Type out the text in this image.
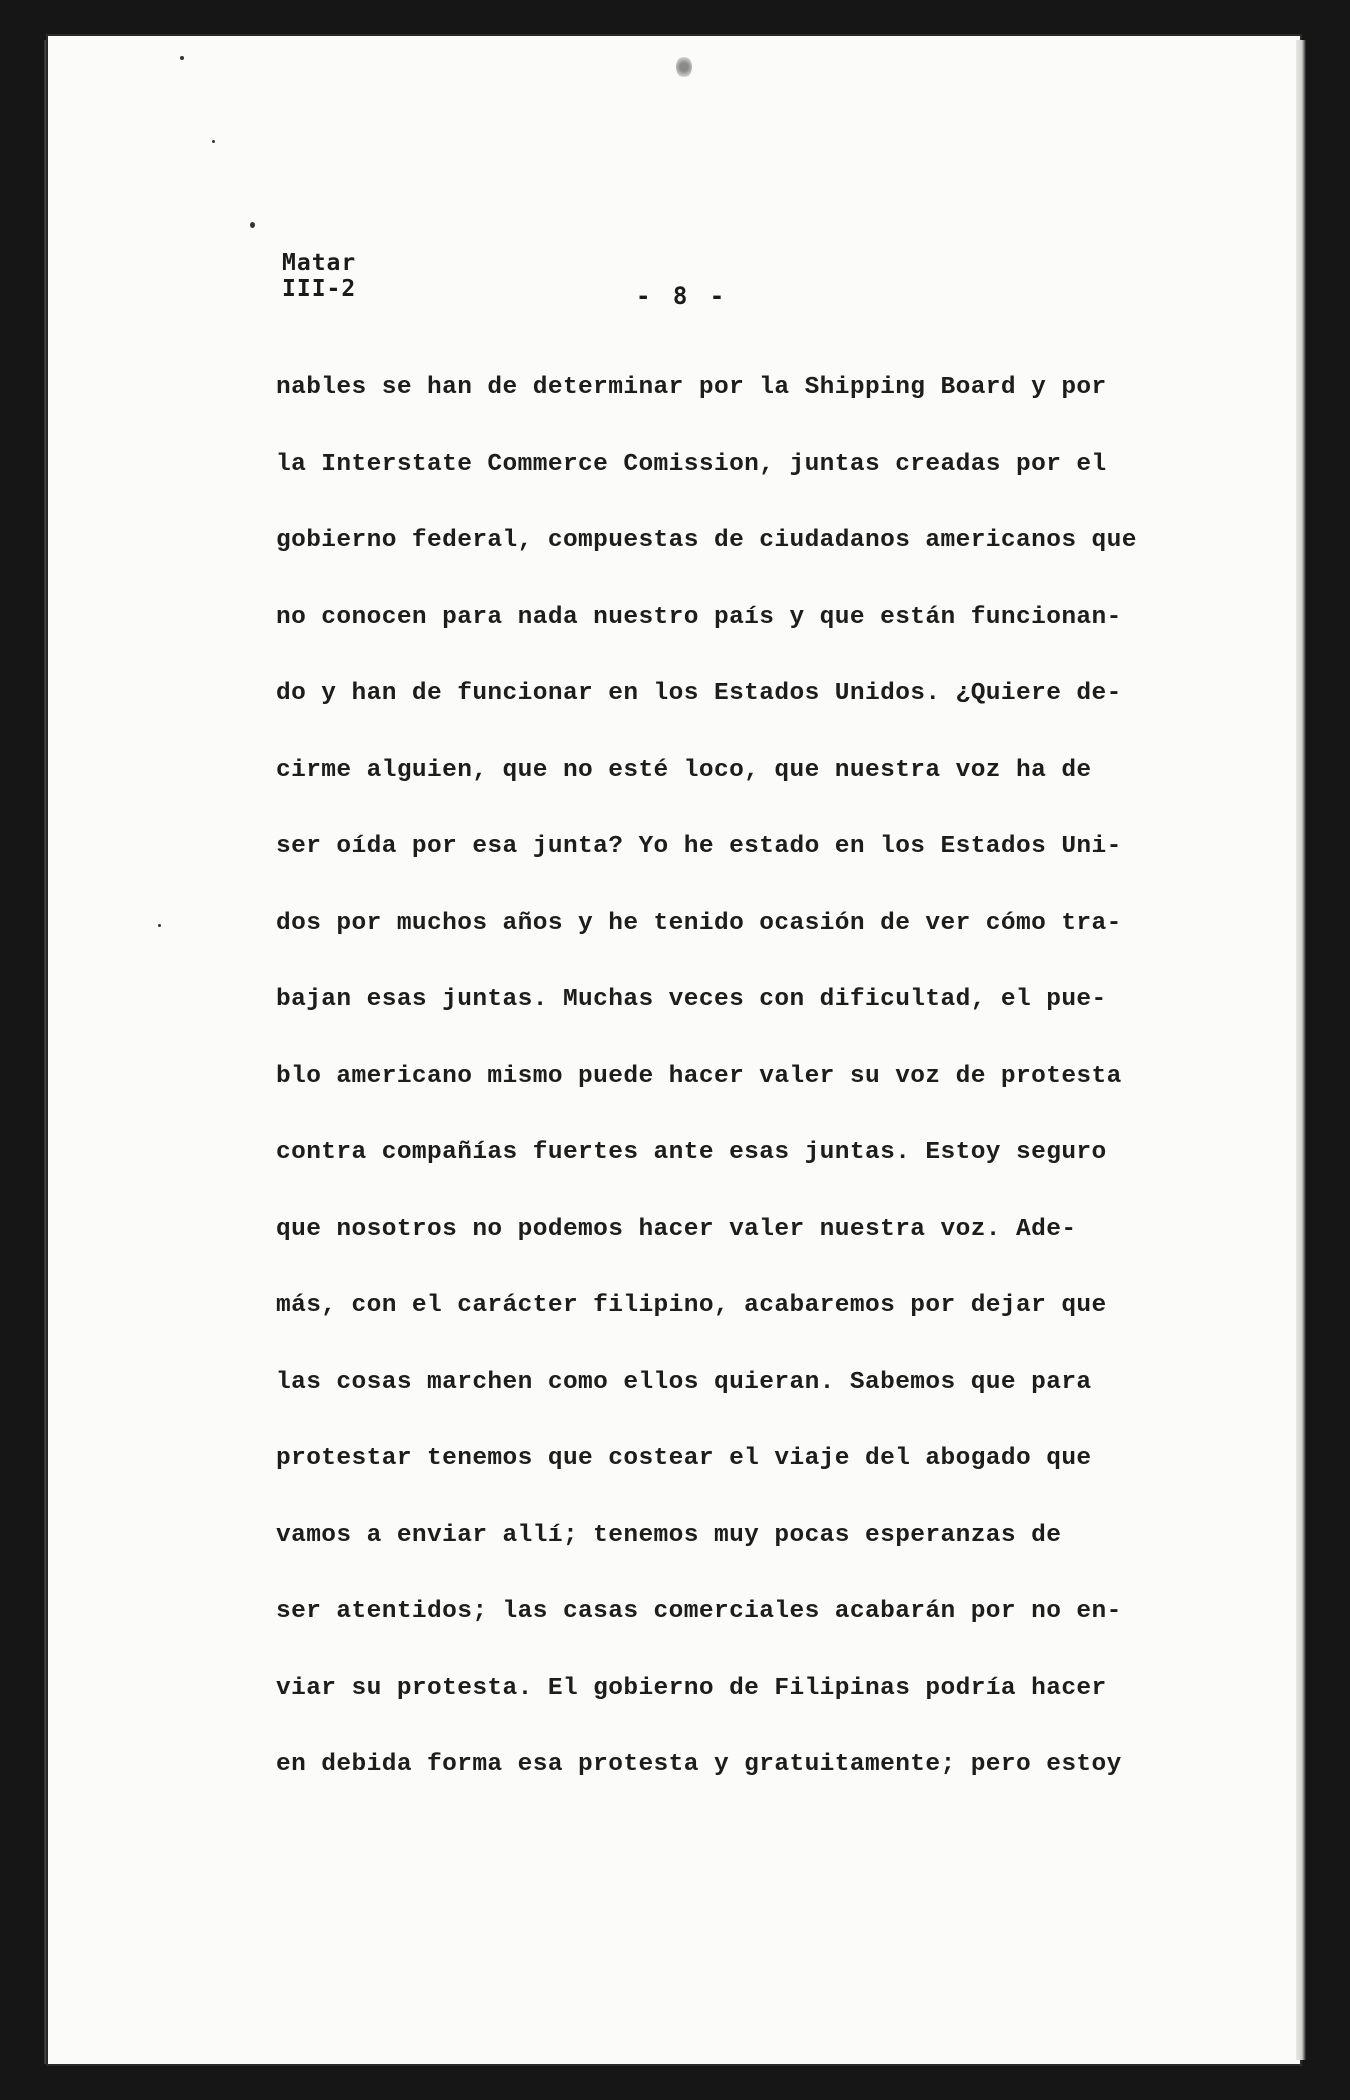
Matar
III-2	- 8 -
nables se han de determinar por la Shipping Board y por
la Interstate Commerce Comission, juntas creadas por el
gobierno federal, compuestas de ciudadanos americanos que
no conocen para nada nuestro país y que están funcionan-
do y han de funcionar en los Estados Unidos. ¿Quiere de-
cirme alguien, que no esté loco, que nuestra voz ha de
ser oída por esa junta? Yo he estado en los Estados Uni-
dos por muchos años y he tenido ocasión de ver cómo tra-
bajan esas juntas. Muchas veces con dificultad, el pue-
blo americano mismo puede hacer valer su voz de protesta
contra compañías fuertes ante esas juntas. Estoy seguro
que nosotros no podemos hacer valer nuestra voz. Ade-
más, con el carácter filipino, acabaremos por dejar que
las cosas marchen como ellos quieran. Sabemos que para
protestar tenemos que costear el viaje del abogado que
vamos a enviar allí; tenemos muy pocas esperanzas de
ser atentidos; las casas comerciales acabarán por no en-
viar su protesta. El gobierno de Filipinas podría hacer
en debida forma esa protesta y gratuitamente; pero estoy
